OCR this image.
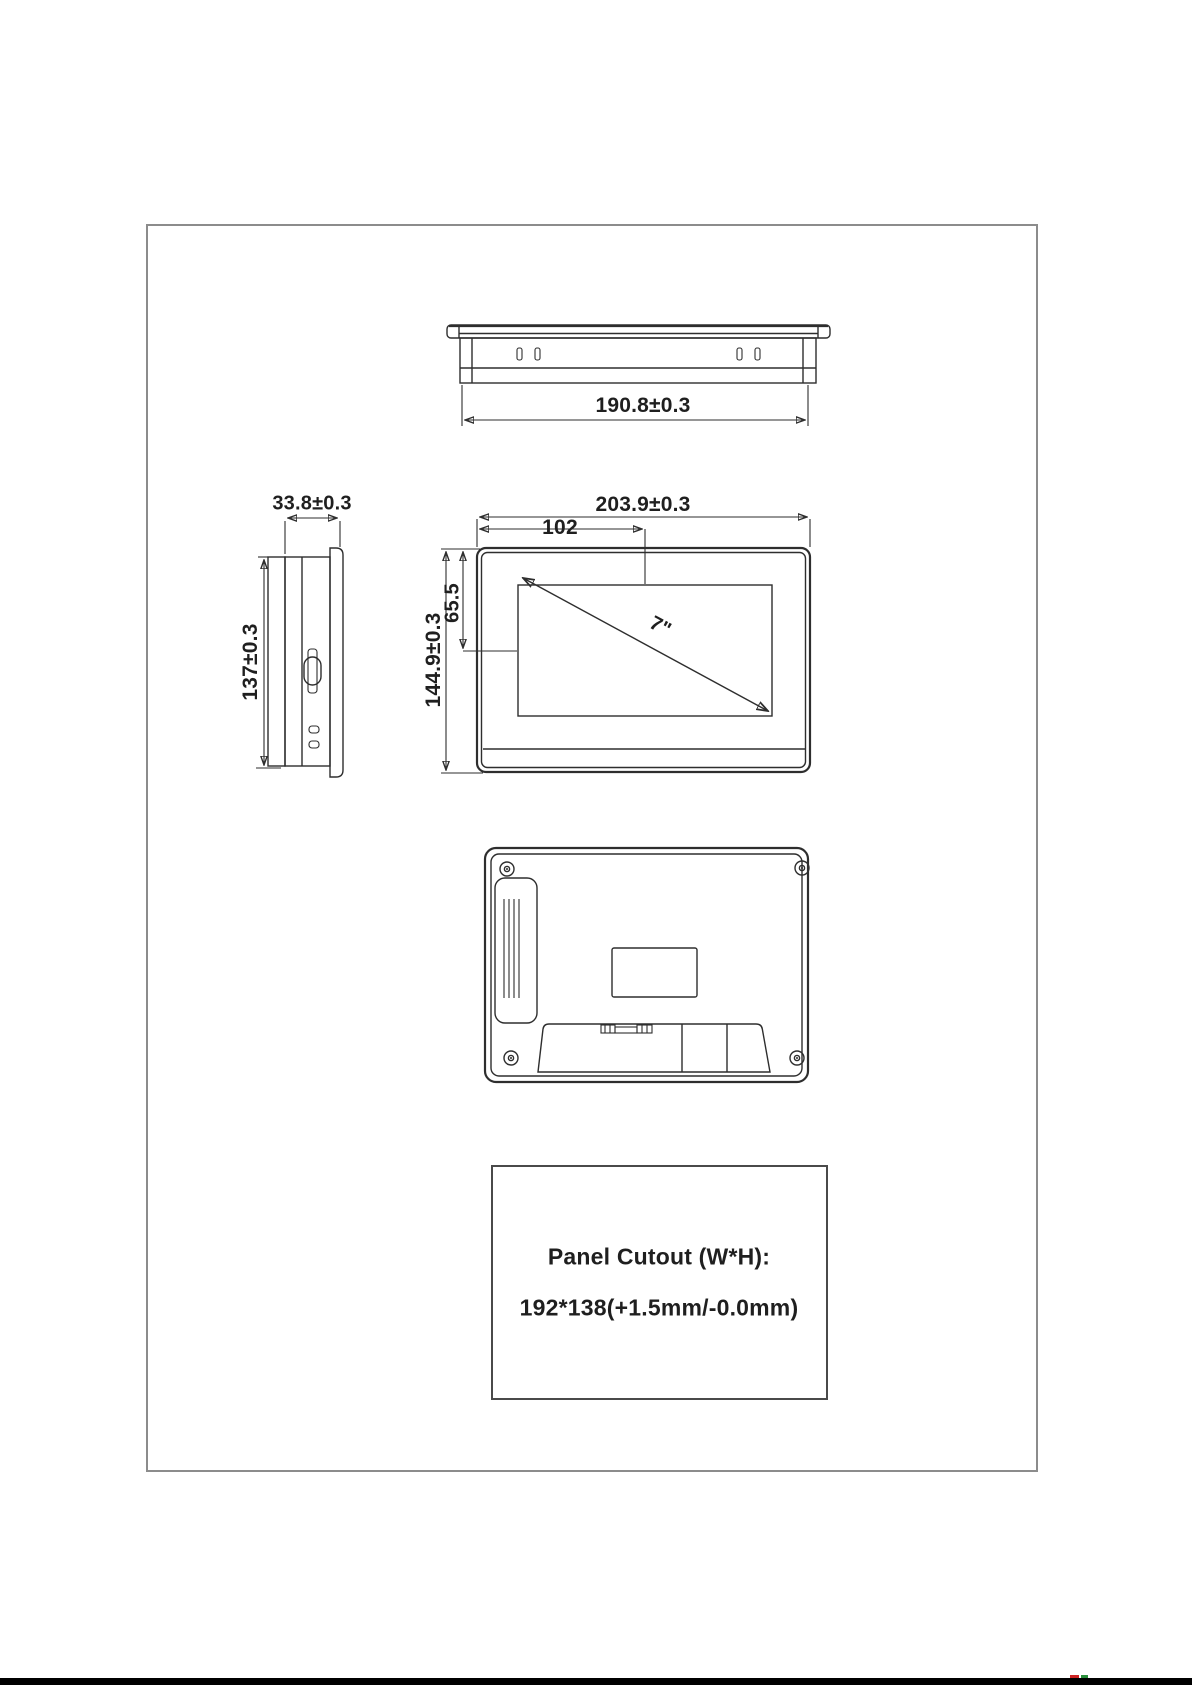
190.8±0.3
33.8±0.3
137±0.3
203.9±0.3
102
65.5
144.9±0.3	7"
Panel Cutout (W*H):
192*138(+1.5mm/-0.0mm)
